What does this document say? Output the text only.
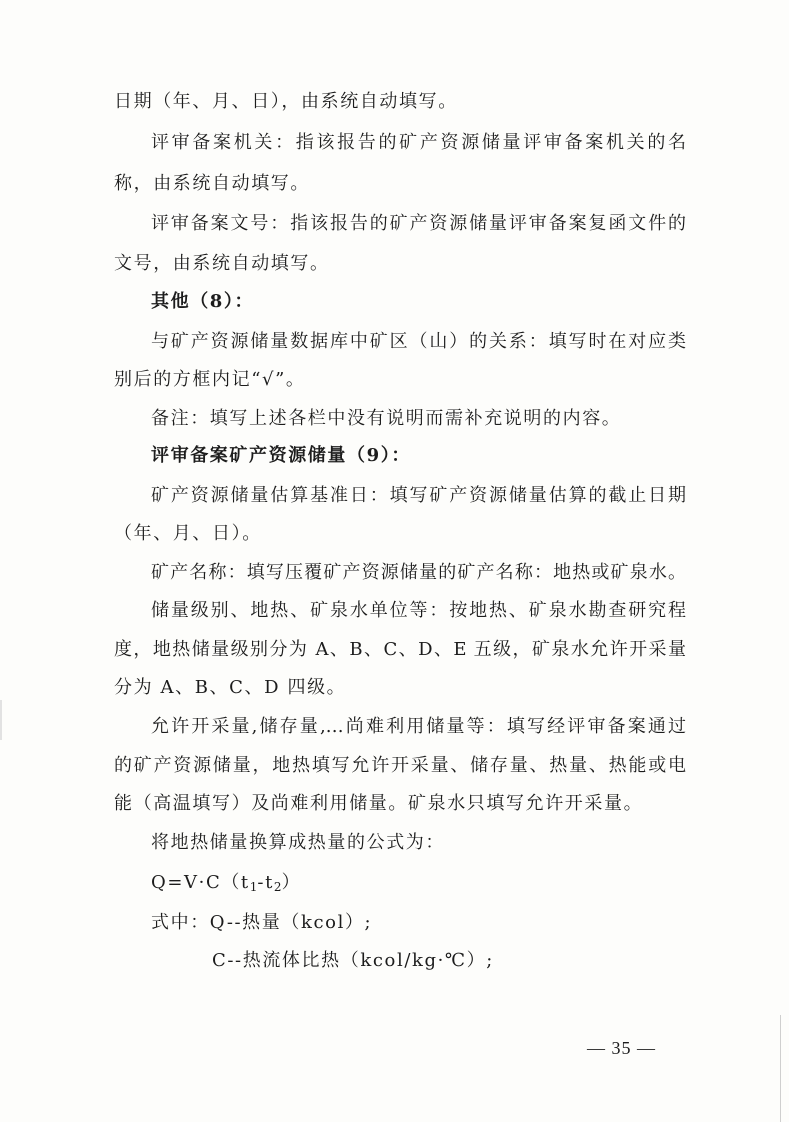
日期（年、月、日），由系统自动填写。
评审备案机关：指该报告的矿产资源储量评审备案机关的名
称，由系统自动填写。
评审备案文号：指该报告的矿产资源储量评审备案复函文件的
文号，由系统自动填写。
其他（8）：
与矿产资源储量数据库中矿区（山）的关系：填写时在对应类
别后的方框内记“√”。
备注：填写上述各栏中没有说明而需补充说明的内容。
评审备案矿产资源储量（9）：
矿产资源储量估算基准日：填写矿产资源储量估算的截止日期
（年、月、日）。
矿产名称：填写压覆矿产资源储量的矿产名称：地热或矿泉水。
储量级别、地热、矿泉水单位等：按地热、矿泉水勘查研究程
度，地热储量级别分为 A、B、C、D、E 五级，矿泉水允许开采量
分为 A、B、C、D 四级。
允许开采量,储存量,…尚难利用储量等：填写经评审备案通过
的矿产资源储量，地热填写允许开采量、储存量、热量、热能或电
能（高温填写）及尚难利用储量。矿泉水只填写允许开采量。
将地热储量换算成热量的公式为：
$Q=V\cdot C(t_1-t_2)$
式中：Q--热量（kcol）;
C--热流体比热（kcol/kg·℃）;
— 35 —
